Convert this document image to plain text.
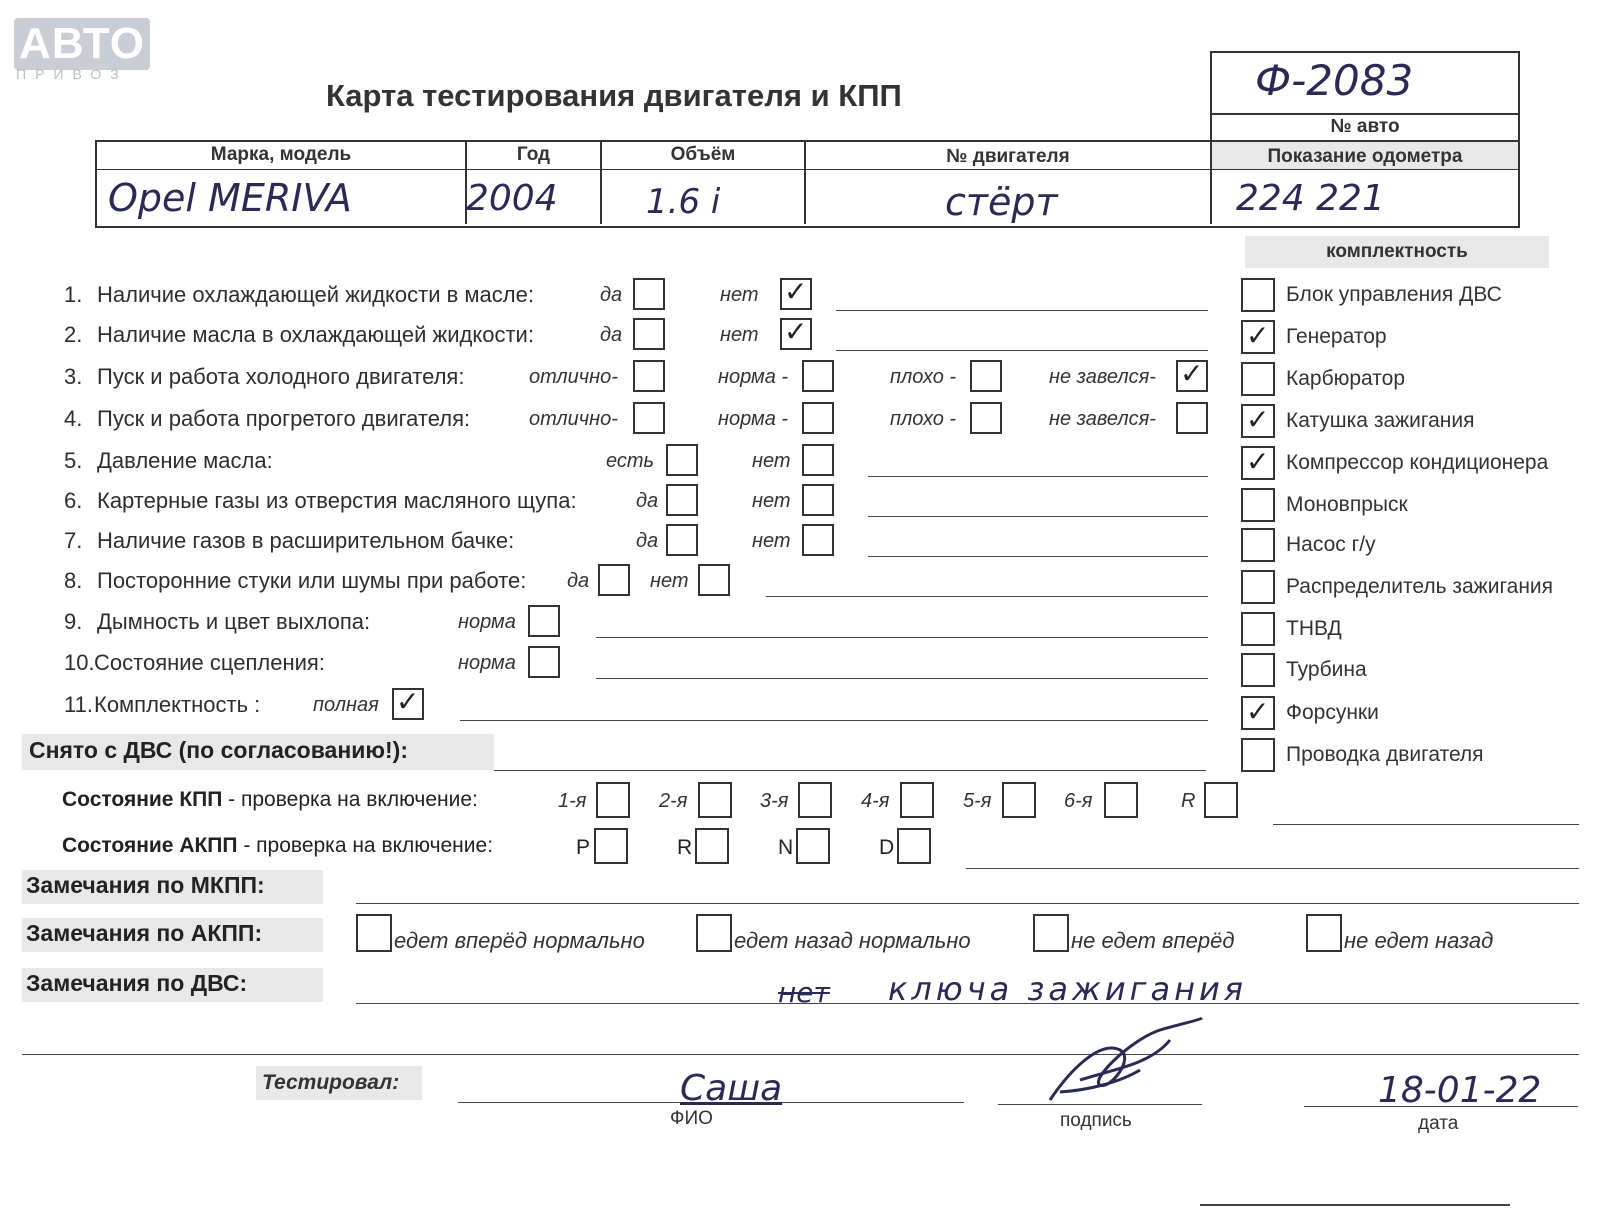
АВТО
ПРИВОЗ
Карта тестирования двигателя и КПП	Ф-2083
№ авто
Марка, модель	Год	Объём	№ двигателя	Показание одометра
Opel MERIVA	2004	1.6 i	стёрт	224 221
комплектность
Блок управления ДВС
✓ Генератор
Карбюратор
✓ Катушка зажигания
✓ Компрессор кондиционера
Моновпрыск
Насос г/у
Распределитель зажигания
ТНВД
Турбина
✓ Форсунки
Проводка двигателя
1. Наличие охлаждающей жидкости в масле:	да	нет ✓
2. Наличие масла в охлаждающей жидкости:	да	нет ✓
3. Пуск и работа холодного двигателя:	отлично-	норма -	плохо -	не завелся- ✓
4. Пуск и работа прогретого двигателя:	отлично-	норма -	плохо -	не завелся-
5. Давление масла:	есть	нет
6. Картерные газы из отверстия масляного щупа:	да	нет
7. Наличие газов в расширительном бачке:	да	нет
8. Посторонние стуки или шумы при работе: да	нет
9. Дымность и цвет выхлопа:	норма
10. Состояние сцепления:	норма
11. Комплектность :	полная ✓
Снято с ДВС (по согласованию!):
Состояние КПП - проверка на включение:	1-я	2-я	3-я	4-я	5-я	6-я	R
Состояние АКПП - проверка на включение:	P	R	N	D
Замечания по МКПП:
Замечания по АКПП:	едет вперёд нормально	едет назад нормально	не едет вперёд	не едет назад
Замечания по ДВС:	нет ключа зажигания
Тестировал:	Саша
ФИО	подпись
18-01-22
дата
